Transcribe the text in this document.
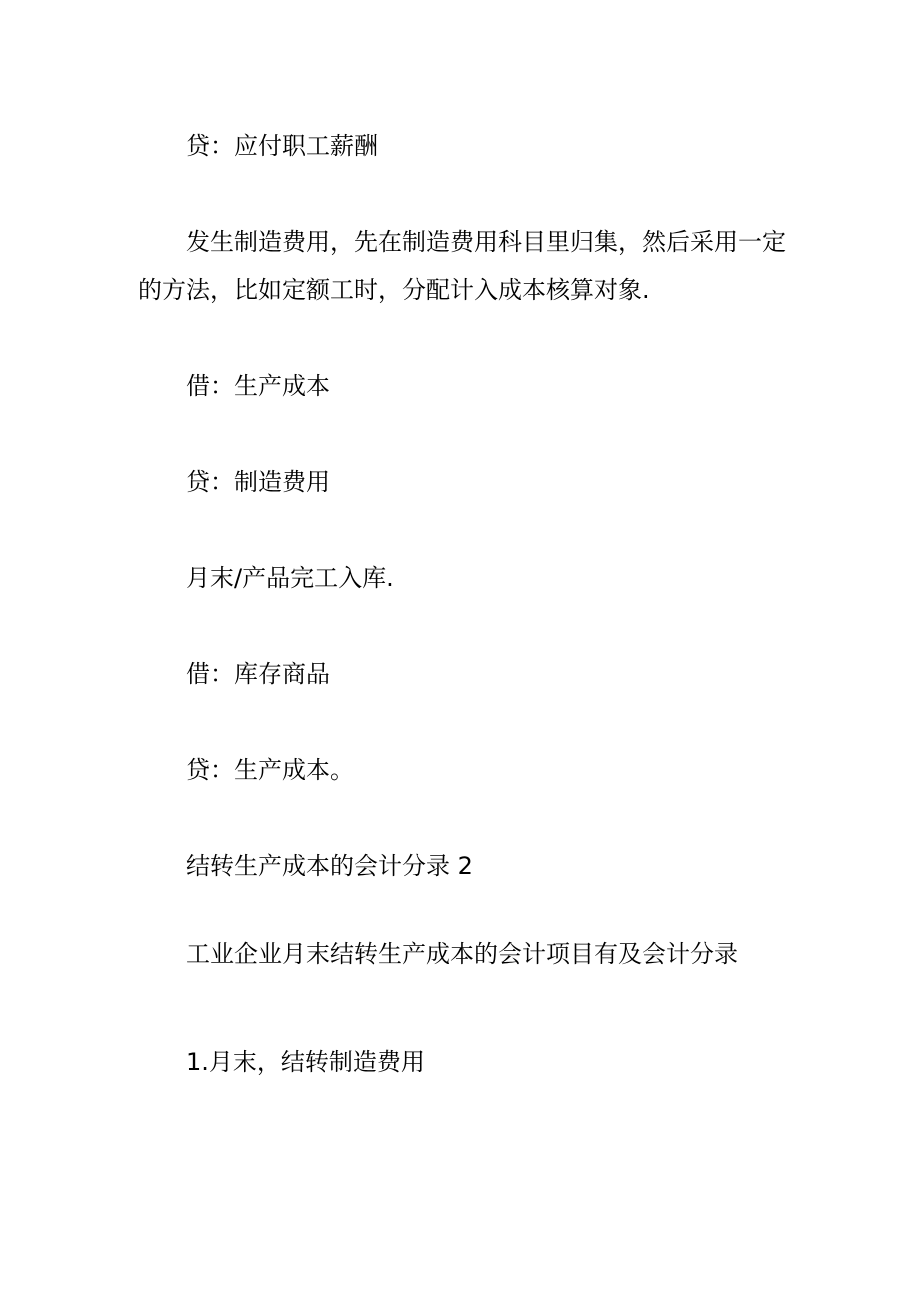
贷：应付职工薪酬
发生制造费用，先在制造费用科目里归集，然后采用一定
的方法，比如定额工时，分配计入成本核算对象.
借：生产成本
贷：制造费用
月末/产品完工入库.
借：库存商品
贷：生产成本。
结转生产成本的会计分录 2
工业企业月末结转生产成本的会计项目有及会计分录
1.月末，结转制造费用
